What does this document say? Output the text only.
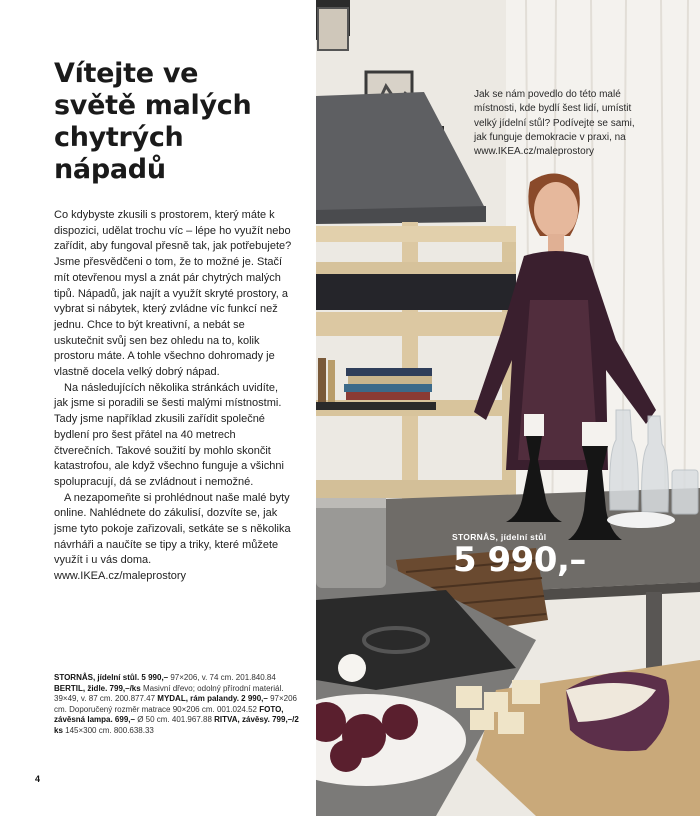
Vítejte ve
světě malých
chytrých
nápadů

Co kdybyste zkusili s prostorem, který máte k dispozici, udělat trochu víc – lépe ho využít nebo zařídit, aby fungoval přesně tak, jak potřebujete? Jsme přesvědčeni o tom, že to možné je. Stačí mít otevřenou mysl a znát pár chytrých malých tipů. Nápadů, jak najít a využít skryté prostory, a vybrat si nábytek, který zvládne víc funkcí než jednu. Chce to být kreativní, a nebát se uskutečnit svůj sen bez ohledu na to, kolik prostoru máte. A tohle všechno dohromady je vlastně docela velký dobrý nápad.

Na následujících několika stránkách uvidíte, jak jsme si poradili se šesti malými místnostmi. Tady jsme například zkusili zařídit společné bydlení pro šest přátel na 40 metrech čtverečních. Takové soužití by mohlo skončit katastrofou, ale když všechno funguje a všichni spolupracují, dá se zvládnout i nemožné.

A nezapomeňte si prohlédnout naše malé byty online. Nahlédnete do zákulisí, dozvíte se, jak jsme tyto pokoje zařizovali, setkáte se s několika návrháři a naučíte se tipy a triky, které můžete využít i u vás doma.

www.IKEA.cz/maleprostory

STORNÅS, jídelní stůl. 5 990,– 97×206, v. 74 cm. 201.840.84 BERTIL, židle. 799,–/ks Masivní dřevo; odolný přírodní materiál. 39×49, v. 87 cm. 200.877.47 MYDAL, rám palandy. 2 990,– 97×206 cm. Doporučený rozměr matrace 90×206 cm. 001.024.52 FOTO, závěsná lampa. 699,– Ø 50 cm. 401.967.88 RITVA, závěsy. 799,–/2 ks 145×300 cm. 800.638.33
4
Jak se nám povedlo do této malé místnosti, kde bydlí šest lidí, umístit velký jídelní stůl? Podívejte se sami, jak funguje demokracie v praxi, na www.IKEA.cz/maleprostory
STORNÅS, jídelní stůl
5 990,–
